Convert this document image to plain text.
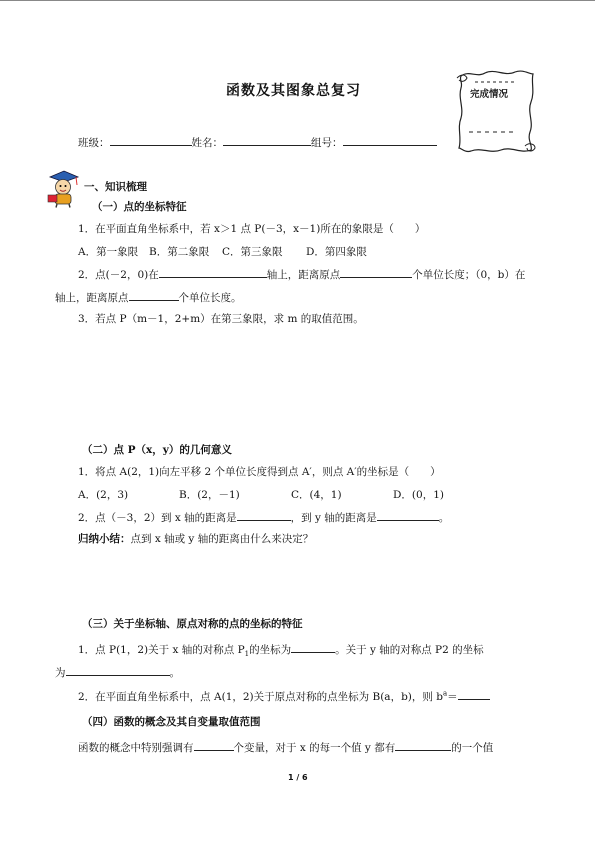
函数及其图象总复习	完成情况
班级：	姓名：	组号：
一、知识梳理
（一）点的坐标特征
1．在平面直角坐标系中，若 x＞1 点 P(－3，x－1)所在的象限是（　　）
A．第一象限 B．第二象限 C．第三象限 D．第四象限
2．点(－2，0)在	轴上，距离原点	个单位长度；（0，b）在
轴上，距离原点	个单位长度。
3．若点 P（m－1，2+m）在第三象限，求 m 的取值范围。
（二）点 P（x，y）的几何意义
1．将点 A(2，1)向左平移 2 个单位长度得到点 A′，则点 A′的坐标是（　　）
A．(2，3)	B．(2，－1)	C．(4，1)	D．(0，1)
2．点（－3，2）到 x 轴的距离是	，到 y 轴的距离是	。
归纳小结：点到 x 轴或 y 轴的距离由什么来决定？
（三）关于坐标轴、原点对称的点的坐标的特征
1．点 P(1，2)关于 x 轴的对称点 $P_1$的坐标为	。关于 y 轴的对称点 P2 的坐标
为	。
2．在平面直角坐标系中，点 A(1，2)关于原点对称的点坐标为 B(a，b)，则 $b^a=$
（四）函数的概念及其自变量取值范围
函数的概念中特别强调有	个变量，对于 x 的每一个值 y 都有	的一个值
1 / 6
